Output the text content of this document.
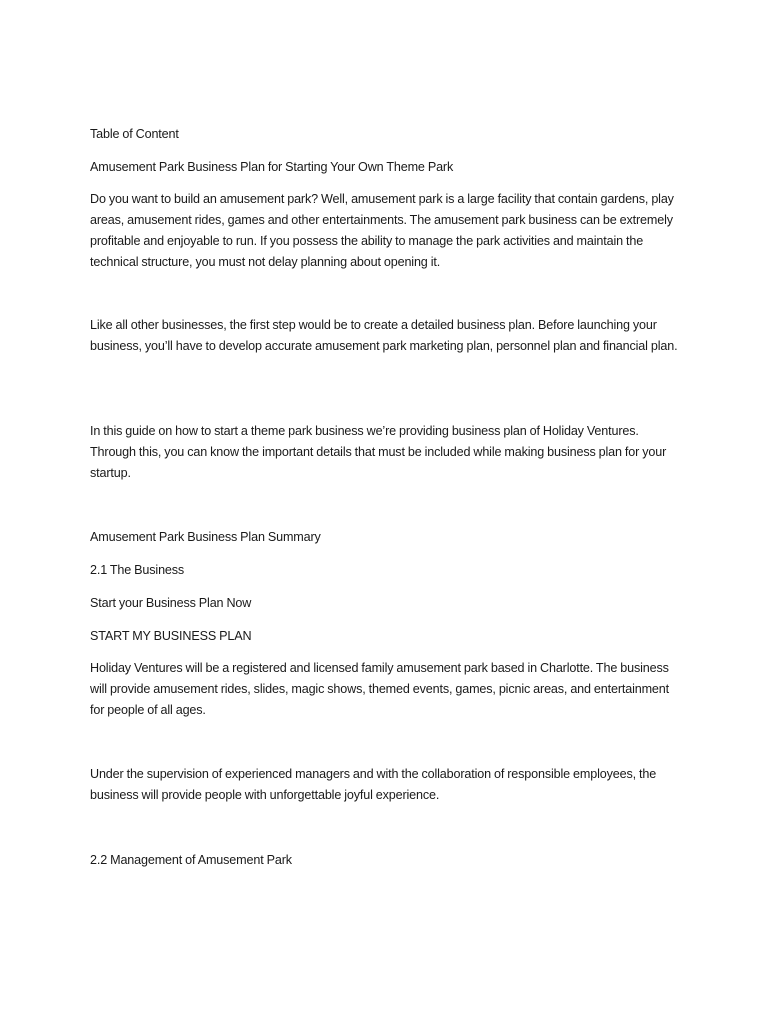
Table of Content

Amusement Park Business Plan for Starting Your Own Theme Park

Do you want to build an amusement park? Well, amusement park is a large facility that contain gardens, play areas, amusement rides, games and other entertainments. The amusement park business can be extremely profitable and enjoyable to run. If you possess the ability to manage the park activities and maintain the technical structure, you must not delay planning about opening it.

Like all other businesses, the first step would be to create a detailed business plan. Before launching your business, you’ll have to develop accurate amusement park marketing plan, personnel plan and financial plan.

In this guide on how to start a theme park business we’re providing business plan of Holiday Ventures. Through this, you can know the important details that must be included while making business plan for your startup.

Amusement Park Business Plan Summary

2.1 The Business

Start your Business Plan Now

START MY BUSINESS PLAN

Holiday Ventures will be a registered and licensed family amusement park based in Charlotte. The business will provide amusement rides, slides, magic shows, themed events, games, picnic areas, and entertainment for people of all ages.

Under the supervision of experienced managers and with the collaboration of responsible employees, the business will provide people with unforgettable joyful experience.

2.2 Management of Amusement Park
